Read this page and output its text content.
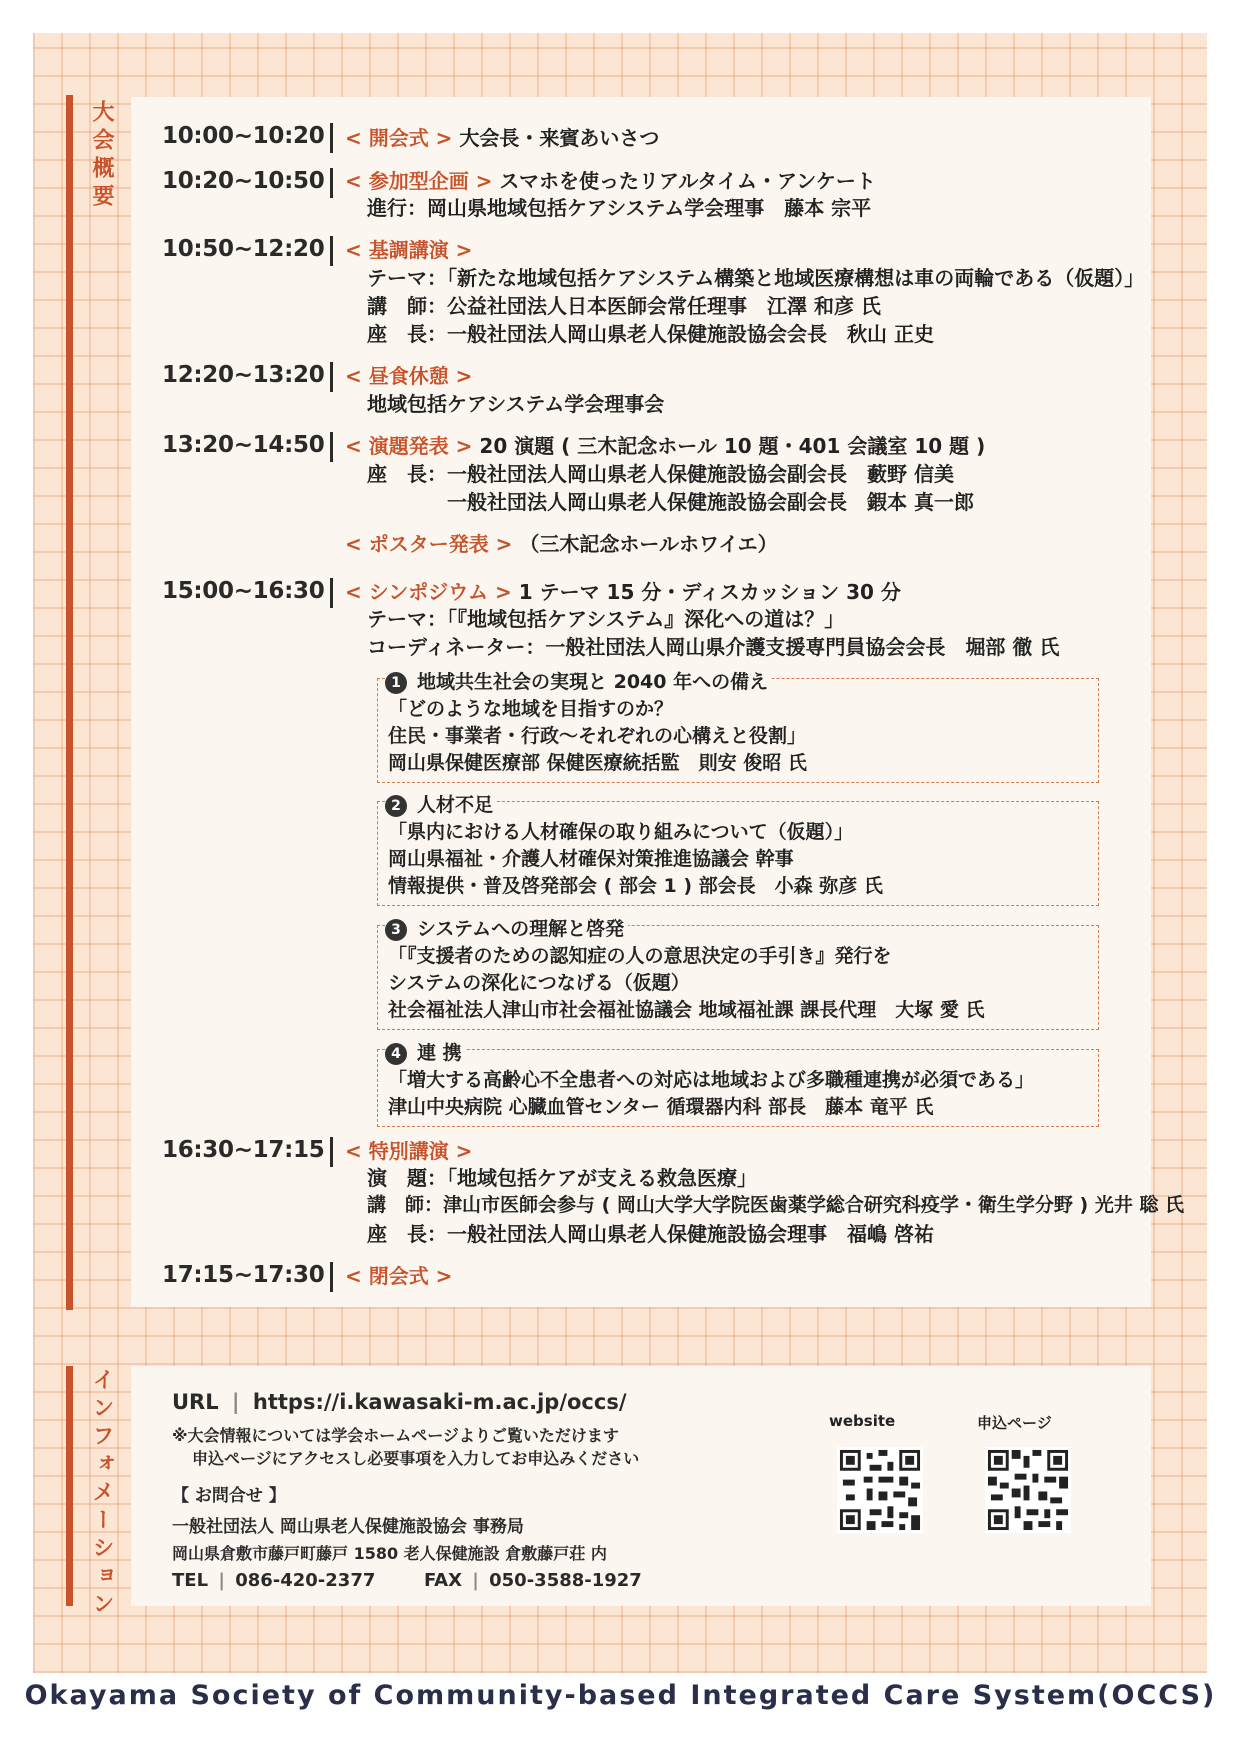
大会概要
インフォメーション
10:00~10:20 < 開会式 > 大会長・来賓あいさつ
10:20~10:50 < 参加型企画 > スマホを使ったリアルタイム・アンケート
進行：岡山県地域包括ケアシステム学会理事　藤本 宗平
10:50~12:20 < 基調講演 >
テーマ：「新たな地域包括ケアシステム構築と地域医療構想は車の両輪である（仮題）」
講　師：公益社団法人日本医師会常任理事　江澤 和彦 氏
座　長：一般社団法人岡山県老人保健施設協会会長　秋山 正史
12:20~13:20 < 昼食休憩 >
地域包括ケアシステム学会理事会
13:20~14:50 < 演題発表 > 20 演題 ( 三木記念ホール 10 題・401 会議室 10 題 )
座　長：一般社団法人岡山県老人保健施設協会副会長　藪野 信美
一般社団法人岡山県老人保健施設協会副会長　鍜本 真一郎
< ポスター発表 > （三木記念ホールホワイエ）
15:00~16:30 < シンポジウム > 1 テーマ 15 分・ディスカッション 30 分
テーマ：「『地域包括ケアシステム』深化への道は？」
コーディネーター：一般社団法人岡山県介護支援専門員協会会長　堀部 徹 氏
1 地域共生社会の実現と 2040 年への備え
「どのような地域を目指すのか？
住民・事業者・行政～それぞれの心構えと役割」
岡山県保健医療部 保健医療統括監　則安 俊昭 氏
2 人材不足
「県内における人材確保の取り組みについて（仮題）」
岡山県福祉・介護人材確保対策推進協議会 幹事
情報提供・普及啓発部会 ( 部会 1 ) 部会長　小森 弥彦 氏
3 システムへの理解と啓発
「『支援者のための認知症の人の意思決定の手引き』発行を
システムの深化につなげる（仮題）
社会福祉法人津山市社会福祉協議会 地域福祉課 課長代理　大塚 愛 氏
4 連 携
「増大する高齢心不全患者への対応は地域および多職種連携が必須である」
津山中央病院 心臓血管センター 循環器内科 部長　藤本 竜平 氏
16:30~17:15 < 特別講演 >
演　題：「地域包括ケアが支える救急医療」
講　師：津山市医師会参与 ( 岡山大学大学院医歯薬学総合研究科疫学・衛生学分野 ) 光井 聡 氏
座　長：一般社団法人岡山県老人保健施設協会理事　福嶋 啓祐
17:15~17:30 < 閉会式 >
URL | https://i.kawasaki-m.ac.jp/occs/
※大会情報については学会ホームページよりご覧いただけます
申込ページにアクセスし必要事項を入力してお申込みください
【 お問合せ 】
一般社団法人 岡山県老人保健施設協会 事務局
岡山県倉敷市藤戸町藤戸 1580 老人保健施設 倉敷藤戸荘 内
TEL | 086-420-2377	FAX | 050-3588-1927
website	申込ページ
Okayama Society of Community-based Integrated Care System(OCCS)
